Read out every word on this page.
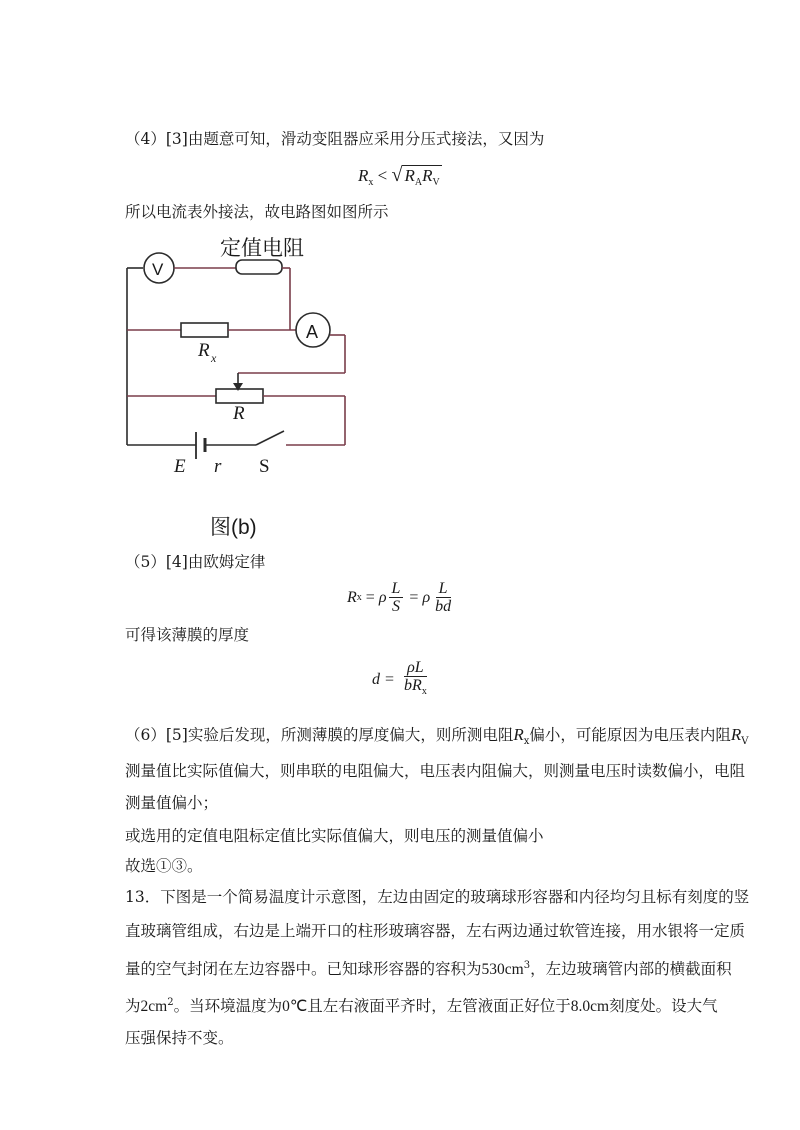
（4）[3]由题意可知，滑动变阻器应采用分压式接法，又因为
$R_x$ < √ $R_AR_V$
所以电流表外接法，故电路图如图所示
定值电阻
V
A
R x
R
E r S
图(b)
（5）[4]由欧姆定律
R x = ρ $\frac{L}{S} = \rho \frac{L}{bd}$
可得该薄膜的厚度
$d = \frac{\rho L}{bR_x}$
（6）[5]实验后发现，所测薄膜的厚度偏大，则所测电阻$R_x$偏小，可能原因为电压表内阻$R_V$
测量值比实际值偏大，则串联的电阻偏大，电压表内阻偏大，则测量电压时读数偏小，电阻
测量值偏小；
或选用的定值电阻标定值比实际值偏大，则电压的测量值偏小
故选①③。
13．下图是一个简易温度计示意图，左边由固定的玻璃球形容器和内径均匀且标有刻度的竖
直玻璃管组成，右边是上端开口的柱形玻璃容器，左右两边通过软管连接，用水银将一定质
量的空气封闭在左边容器中。已知球形容器的容积为$530cm^3$，左边玻璃管内部的横截面积
为$2cm^2$。当环境温度为0℃且左右液面平齐时，左管液面正好位于8.0cm刻度处。设大气
压强保持不变。
